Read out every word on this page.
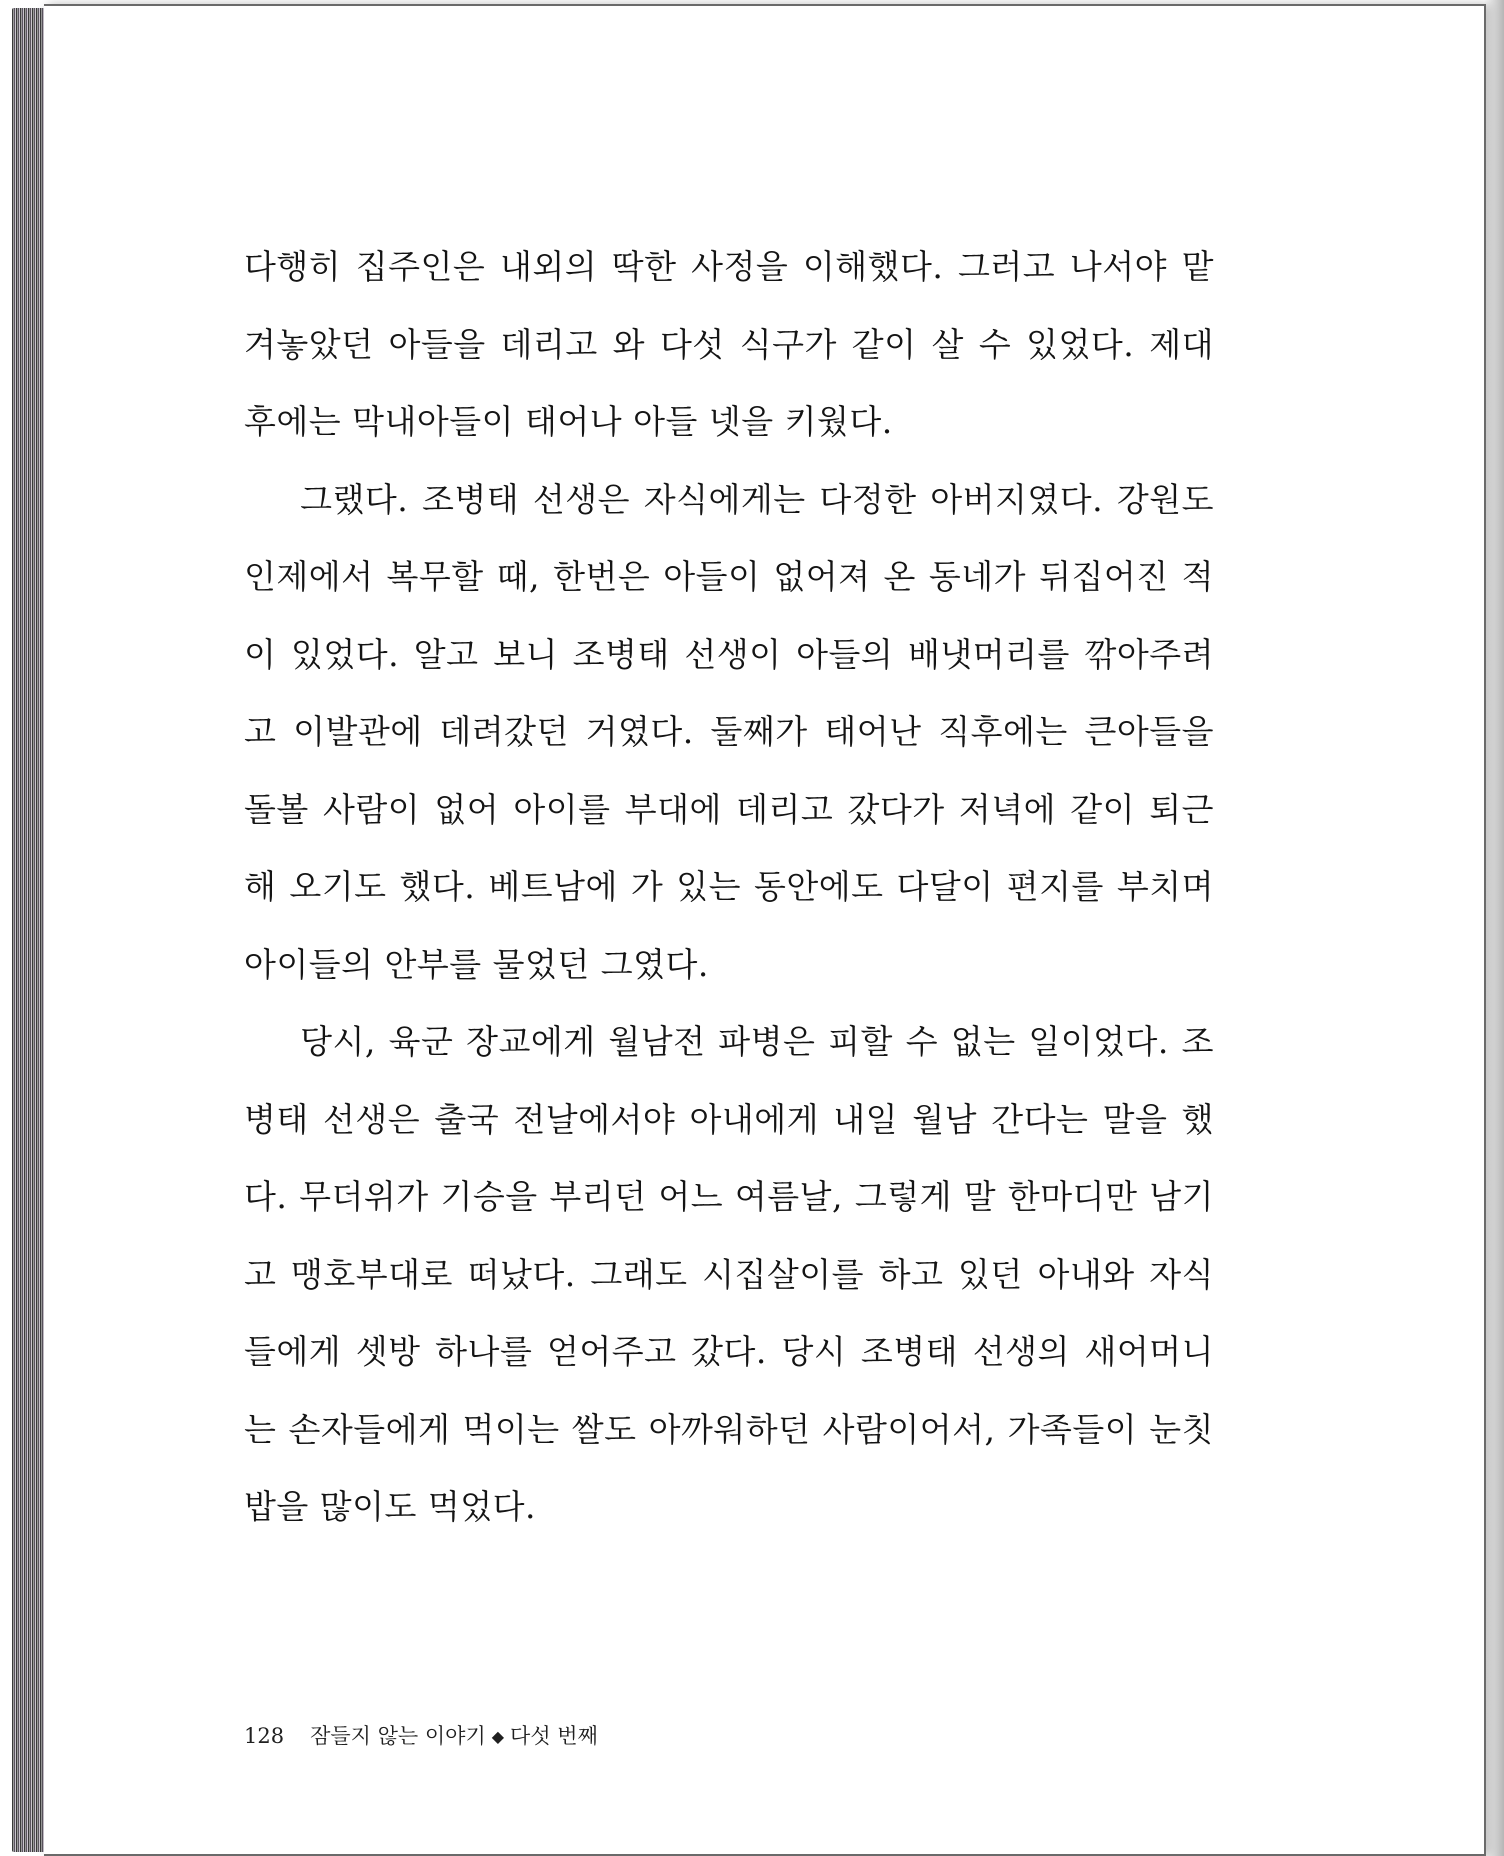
다행히 집주인은 내외의 딱한 사정을 이해했다. 그러고 나서야 맡겨놓았던 아들을 데리고 와 다섯 식구가 같이 살 수 있었다. 제대 후에는 막내아들이 태어나 아들 넷을 키웠다.

그랬다. 조병태 선생은 자식에게는 다정한 아버지였다. 강원도 인제에서 복무할 때, 한번은 아들이 없어져 온 동네가 뒤집어진 적이 있었다. 알고 보니 조병태 선생이 아들의 배냇머리를 깎아주려고 이발관에 데려갔던 거였다. 둘째가 태어난 직후에는 큰아들을 돌볼 사람이 없어 아이를 부대에 데리고 갔다가 저녁에 같이 퇴근해 오기도 했다. 베트남에 가 있는 동안에도 다달이 편지를 부치며 아이들의 안부를 물었던 그였다.

당시, 육군 장교에게 월남전 파병은 피할 수 없는 일이었다. 조병태 선생은 출국 전날에서야 아내에게 내일 월남 간다는 말을 했다. 무더위가 기승을 부리던 어느 여름날, 그렇게 말 한마디만 남기고 맹호부대로 떠났다. 그래도 시집살이를 하고 있던 아내와 자식들에게 셋방 하나를 얻어주고 갔다. 당시 조병태 선생의 새어머니는 손자들에게 먹이는 쌀도 아까워하던 사람이어서, 가족들이 눈칫밥을 많이도 먹었다.

128 잠들지 않는 이야기 ◆ 다섯 번째
